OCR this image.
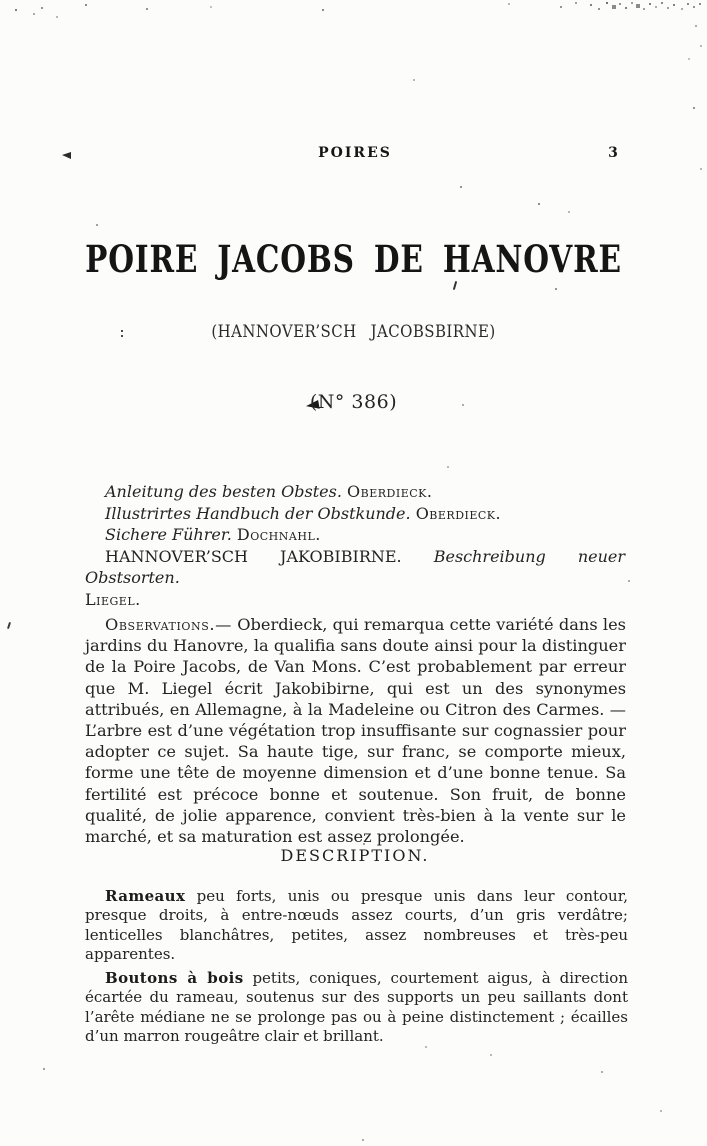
POIRES	3
POIRE JACOBS DE HANOVRE
(HANNOVER’SCH JACOBSBIRNE)
(N° 386)

Anleitung des besten Obstes. Oberdieck.

Illustrirtes Handbuch der Obstkunde. Oberdieck.

Sichere Führer. Dochnahl.

HANNOVER’SCH JAKOBIBIRNE. Beschreibung neuer Obstsorten.

Liegel.

Observations.— Oberdieck, qui remarqua cette variété dans les jardins du Hanovre, la qualifia sans doute ainsi pour la distinguer de la Poire Jacobs, de Van Mons. C’est probablement par erreur que M. Liegel écrit Jakobibirne, qui est un des synonymes attribués, en Allemagne, à la Madeleine ou Citron des Carmes. — L’arbre est d’une végétation trop insuffisante sur cognassier pour adopter ce sujet. Sa haute tige, sur franc, se comporte mieux, forme une tête de moyenne dimension et d’une bonne tenue. Sa fertilité est précoce bonne et soutenue. Son fruit, de bonne qualité, de jolie apparence, convient très-bien à la vente sur le marché, et sa maturation est assez prolongée.

DESCRIPTION.

Rameaux peu forts, unis ou presque unis dans leur contour, presque droits, à entre-nœuds assez courts, d’un gris verdâtre; lenticelles blanchâtres, petites, assez nombreuses et très-peu apparentes.

Boutons à bois petits, coniques, courtement aigus, à direction écartée du rameau, soutenus sur des supports un peu saillants dont l’arête médiane ne se prolonge pas ou à peine distinctement ; écailles d’un marron rougeâtre clair et brillant.
